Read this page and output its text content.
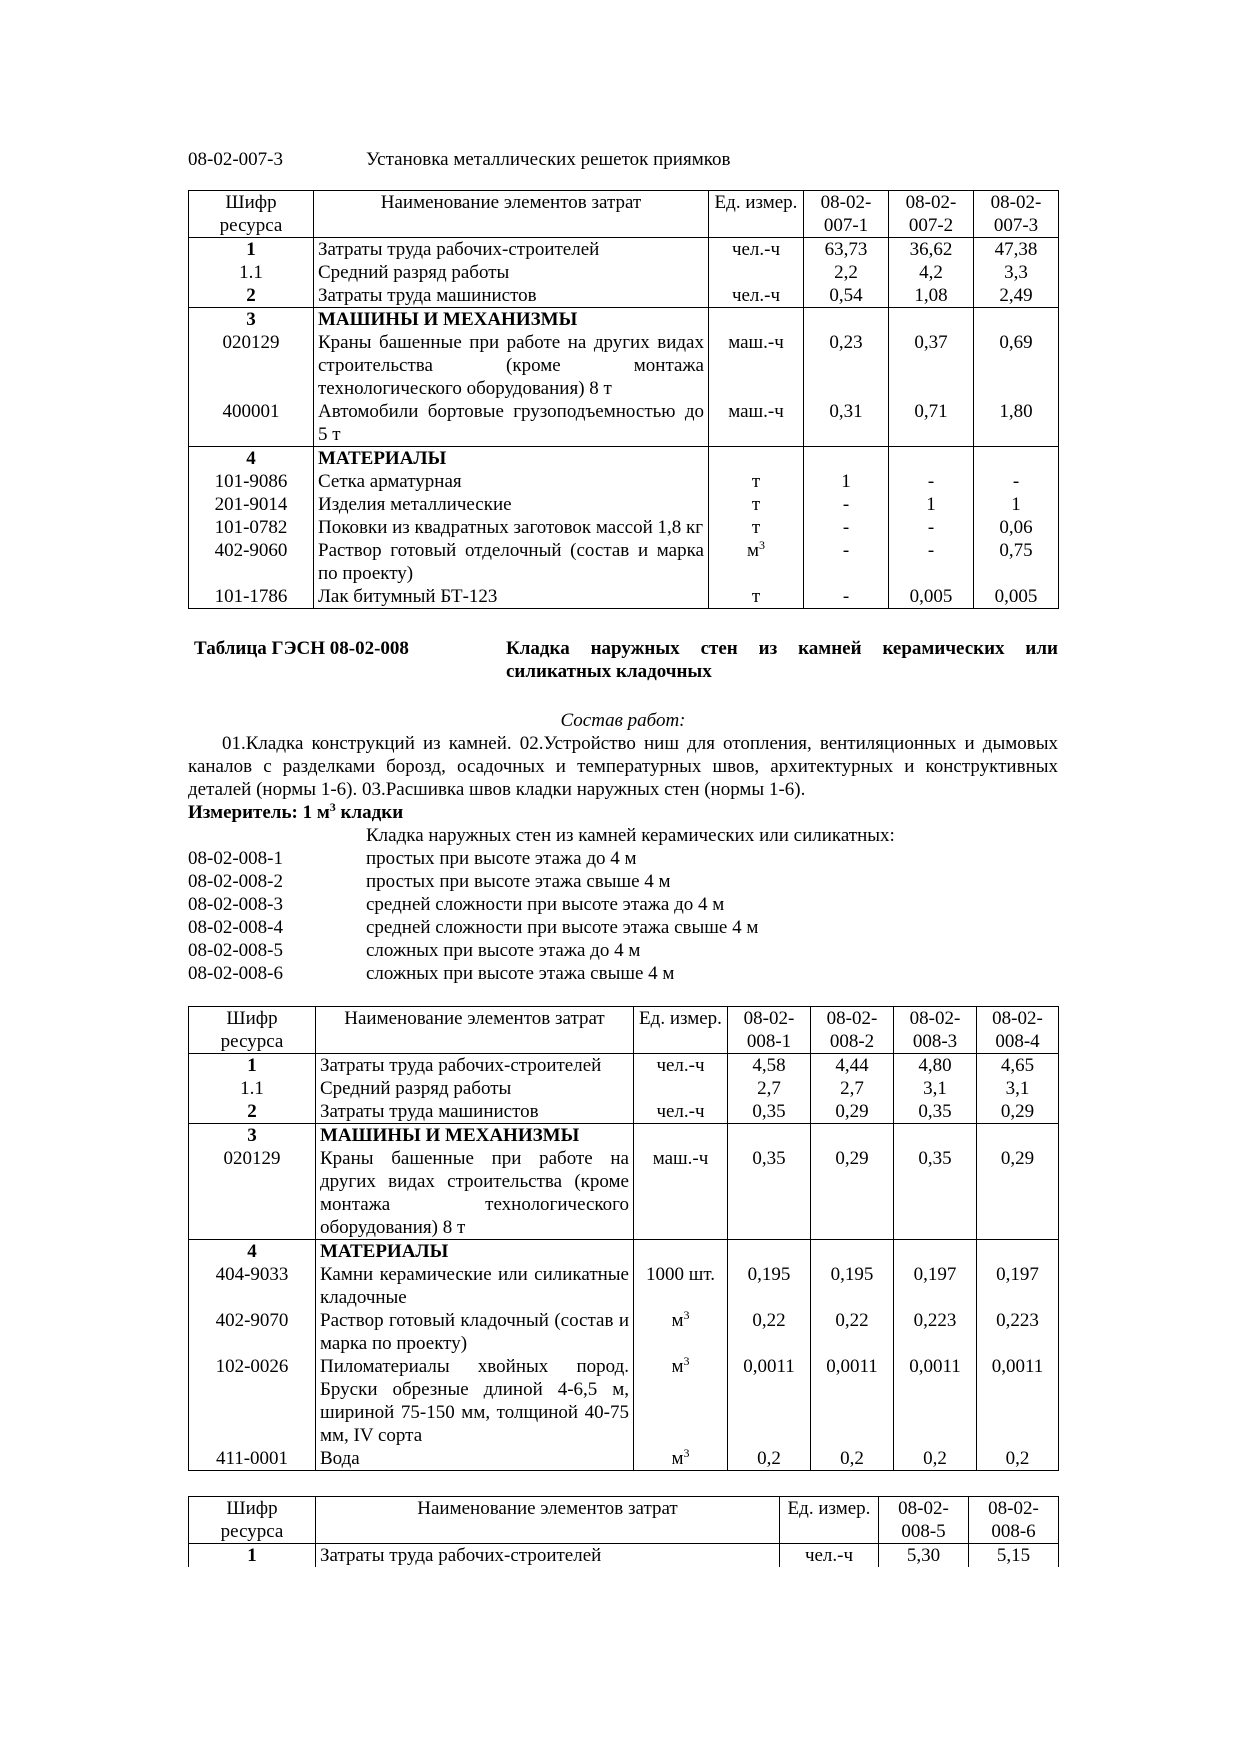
08-02-007-3	Установка металлических решеток приямков
Шифр ресурса	Наименование элементов затрат	Ед. измер.	08-02-007-1	08-02-007-2	08-02-007-3
1	Затраты труда рабочих-строителей	чел.-ч	63,73	36,62	47,38
1.1	Средний разряд работы		2,2	4,2	3,3
2	Затраты труда машинистов	чел.-ч	0,54	1,08	2,49
3	МАШИНЫ И МЕХАНИЗМЫ				
020129	Краны башенные при работе на других видах строительства (кроме монтажа технологического оборудования) 8 т	маш.-ч	0,23	0,37	0,69
400001	Автомобили бортовые грузоподъемностью до 5 т	маш.-ч	0,31	0,71	1,80
4	МАТЕРИАЛЫ				
101-9086	Сетка арматурная	т	1	-	-
201-9014	Изделия металлические	т	-	1	1
101-0782	Поковки из квадратных заготовок массой 1,8 кг	т	-	-	0,06
402-9060	Раствор готовый отделочный (состав и марка по проекту)	$м^3$	-	-	0,75
101-1786	Лак битумный БТ-123	т	-	0,005	0,005
Таблица ГЭСН 08-02-008	Кладка наружных стен из камней керамических или силикатных кладочных
Состав работ:
01.Кладка конструкций из камней. 02.Устройство ниш для отопления, вентиляционных и дымовых каналов с разделками борозд, осадочных и температурных швов, архитектурных и конструктивных деталей (нормы 1-6). 03.Расшивка швов кладки наружных стен (нормы 1-6).
Измеритель: 1 $м^3$ кладки
Кладка наружных стен из камней керамических или силикатных:
08-02-008-1	простых при высоте этажа до 4 м
08-02-008-2	простых при высоте этажа свыше 4 м
08-02-008-3	средней сложности при высоте этажа до 4 м
08-02-008-4	средней сложности при высоте этажа свыше 4 м
08-02-008-5	сложных при высоте этажа до 4 м
08-02-008-6	сложных при высоте этажа свыше 4 м
Шифр ресурса	Наименование элементов затрат	Ед. измер.	08-02-008-1	08-02-008-2	08-02-008-3	08-02-008-4
1	Затраты труда рабочих-строителей	чел.-ч	4,58	4,44	4,80	4,65
1.1	Средний разряд работы		2,7	2,7	3,1	3,1
2	Затраты труда машинистов	чел.-ч	0,35	0,29	0,35	0,29
3	МАШИНЫ И МЕХАНИЗМЫ					
020129	Краны башенные при работе на других видах строительства (кроме монтажа технологического оборудования) 8 т	маш.-ч	0,35	0,29	0,35	0,29
4	МАТЕРИАЛЫ					
404-9033	Камни керамические или силикатные кладочные	1000 шт.	0,195	0,195	0,197	0,197
402-9070	Раствор готовый кладочный (состав и марка по проекту)	$м^3$	0,22	0,22	0,223	0,223
102-0026	Пиломатериалы хвойных пород. Бруски обрезные длиной 4-6,5 м, шириной 75-150 мм, толщиной 40-75 мм, IV сорта	$м^3$	0,0011	0,0011	0,0011	0,0011
411-0001	Вода	$м^3$	0,2	0,2	0,2	0,2
Шифр ресурса	Наименование элементов затрат	Ед. измер.	08-02-008-5	08-02-008-6
1	Затраты труда рабочих-строителей	чел.-ч	5,30	5,15
